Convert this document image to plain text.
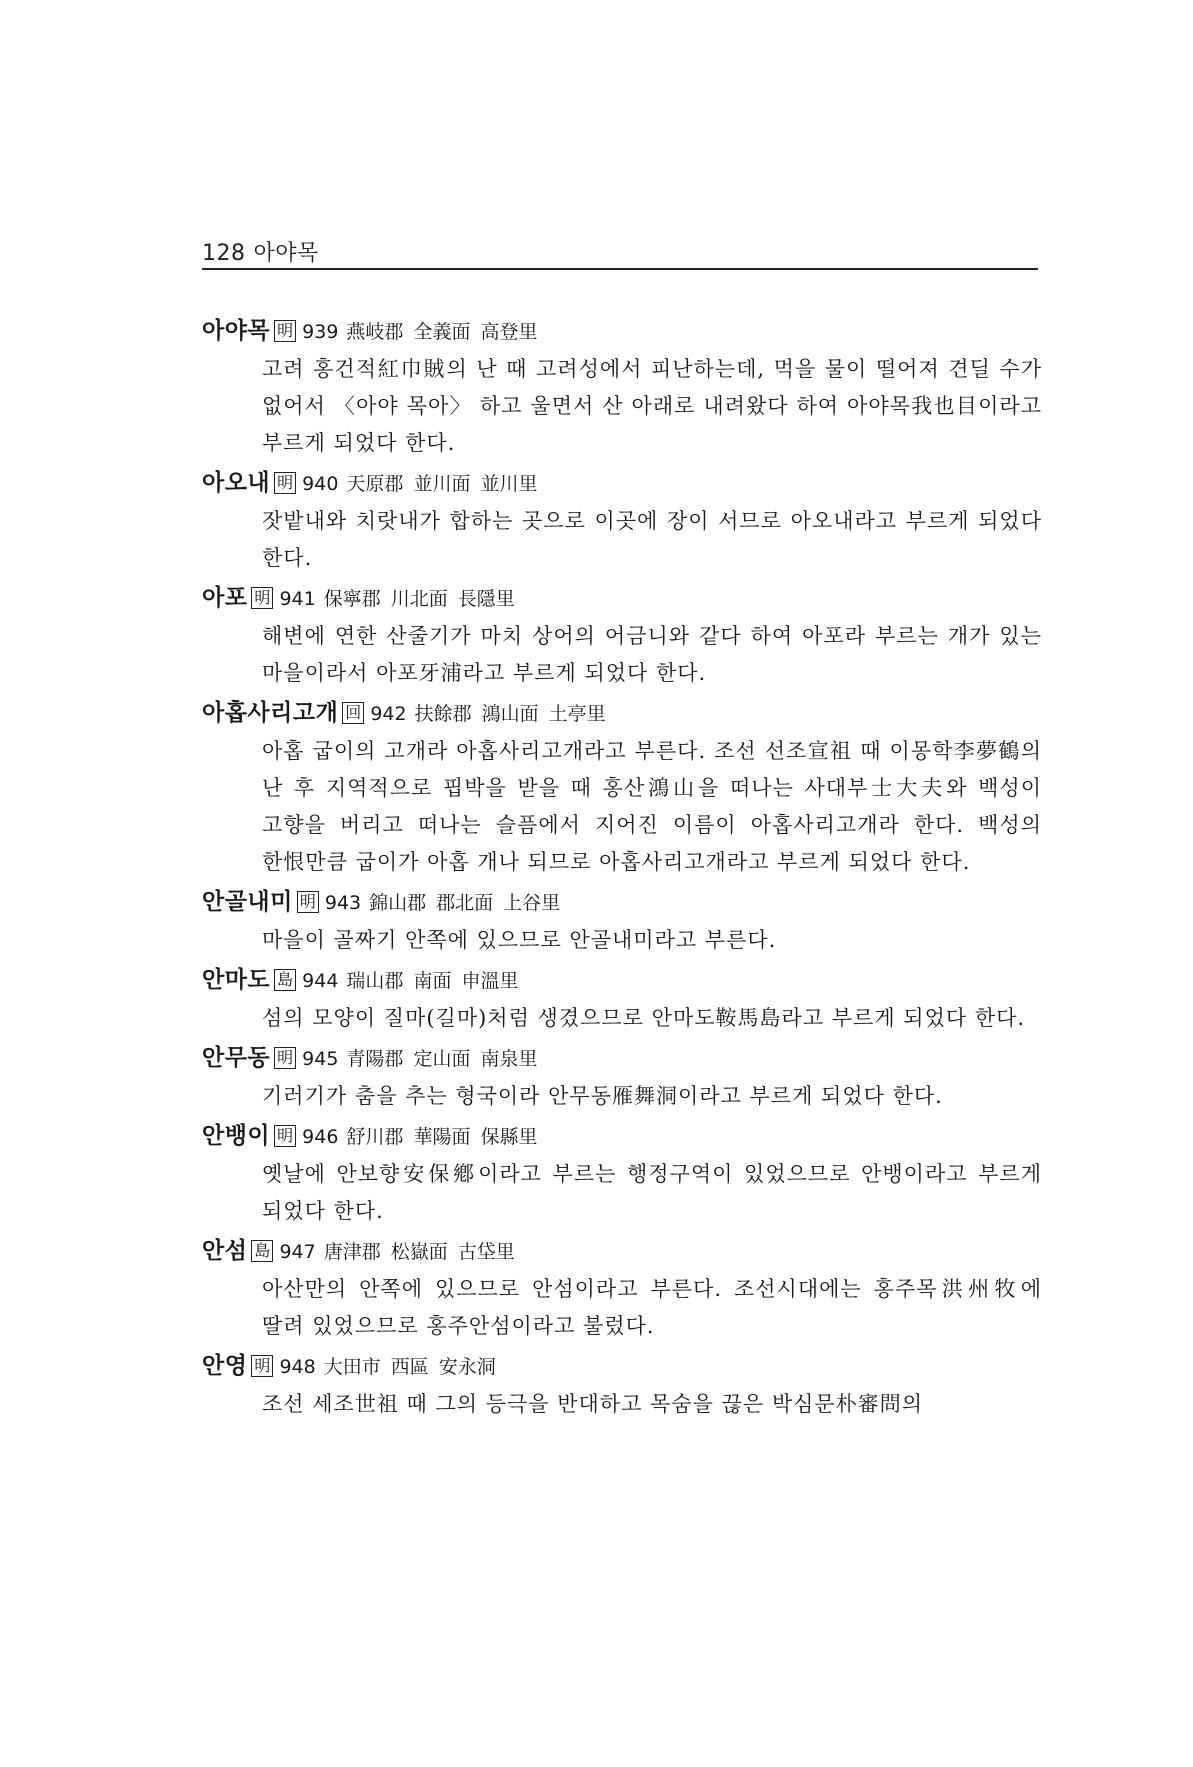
128 아야목
아야목 明 939 燕岐郡 全義面 高登里
고려 홍건적紅巾賊의 난 때 고려성에서 피난하는데, 먹을 물이 떨어져 견딜 수가 없어서 〈아야 목아〉 하고 울면서 산 아래로 내려왔다 하여 아야목我也目이라고 부르게 되었다 한다.
아오내 明 940 天原郡 並川面 並川里
잣밭내와 치랏내가 합하는 곳으로 이곳에 장이 서므로 아오내라고 부르게 되었다 한다.
아포 明 941 保寧郡 川北面 長隱里
해변에 연한 산줄기가 마치 상어의 어금니와 같다 하여 아포라 부르는 개가 있는 마을이라서 아포牙浦라고 부르게 되었다 한다.
아홉사리고개 回 942 扶餘郡 鴻山面 土亭里
아홉 굽이의 고개라 아홉사리고개라고 부른다. 조선 선조宣祖 때 이몽학李夢鶴의 난 후 지역적으로 핍박을 받을 때 홍산鴻山을 떠나는 사대부士大夫와 백성이 고향을 버리고 떠나는 슬픔에서 지어진 이름이 아홉사리고개라 한다. 백성의 한恨만큼 굽이가 아홉 개나 되므로 아홉사리고개라고 부르게 되었다 한다.
안골내미 明 943 錦山郡 郡北面 上谷里
마을이 골짜기 안쪽에 있으므로 안골내미라고 부른다.
안마도 島 944 瑞山郡 南面 申溫里
섬의 모양이 질마(길마)처럼 생겼으므로 안마도鞍馬島라고 부르게 되었다 한다.
안무동 明 945 青陽郡 定山面 南泉里
기러기가 춤을 추는 형국이라 안무동雁舞洞이라고 부르게 되었다 한다.
안뱅이 明 946 舒川郡 華陽面 保縣里
옛날에 안보향安保鄕이라고 부르는 행정구역이 있었으므로 안뱅이라고 부르게 되었다 한다.
안섬 島 947 唐津郡 松嶽面 古垈里
아산만의 안쪽에 있으므로 안섬이라고 부른다. 조선시대에는 홍주목洪州牧에 딸려 있었으므로 홍주안섬이라고 불렀다.
안영 明 948 大田市 西區 安永洞
조선 세조世祖 때 그의 등극을 반대하고 목숨을 끊은 박심문朴審問의
